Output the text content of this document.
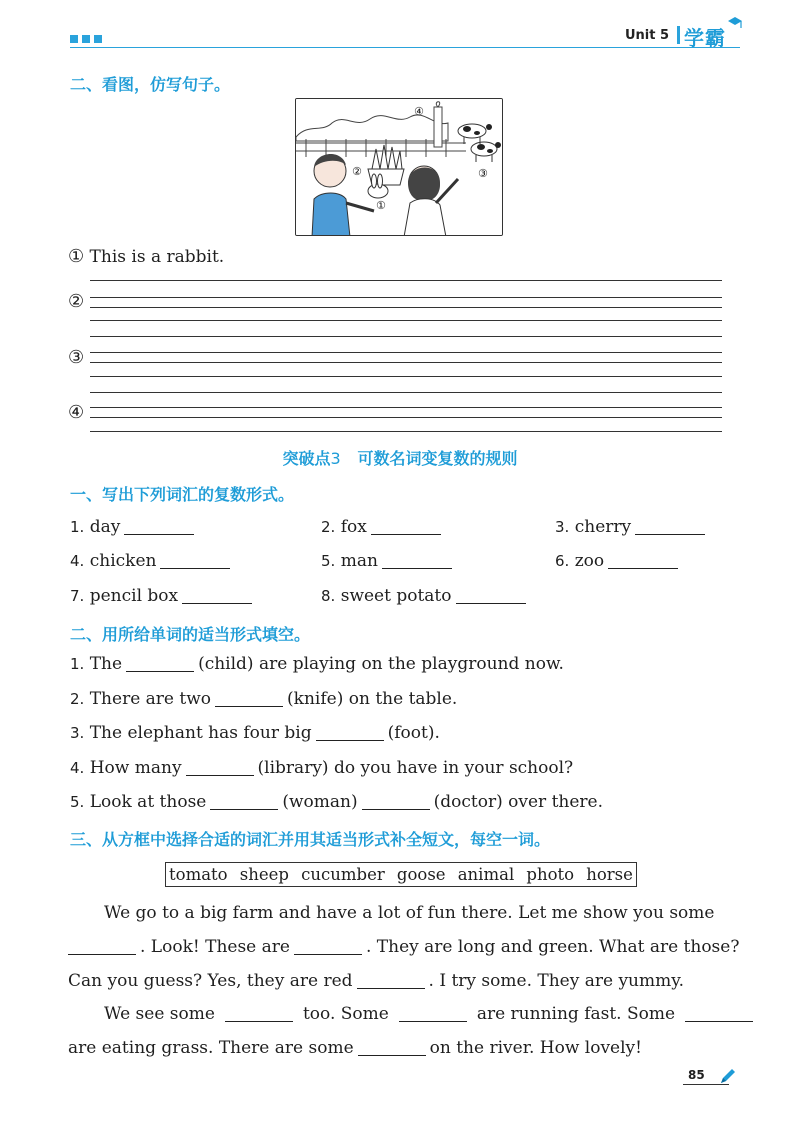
Unit 5 学霸
二、看图，仿写句子。
④
②
①
③
① This is a rabbit.
②
③
④
突破点3 可数名词变复数的规则
一、写出下列词汇的复数形式。
1. day	2. fox	3. cherry
4. chicken	5. man	6. zoo
7. pencil box	8. sweet potato
二、用所给单词的适当形式填空。
1. The	(child) are playing on the playground now.
2. There are two	(knife) on the table.
3. The elephant has four big	(foot).
4. How many	(library) do you have in your school?
5. Look at those	(woman)	(doctor) over there.
三、从方框中选择合适的词汇并用其适当形式补全短文，每空一词。
tomato sheep cucumber goose animal photo horse

We go to a big farm and have a lot of fun there. Let me show you some

. Look! These are	. They are long and green. What are those?

Can you guess? Yes, they are red	. I try some. They are yummy.

We see some	too. Some	are running fast. Some

are eating grass. There are some	on the river. How lovely!

85
